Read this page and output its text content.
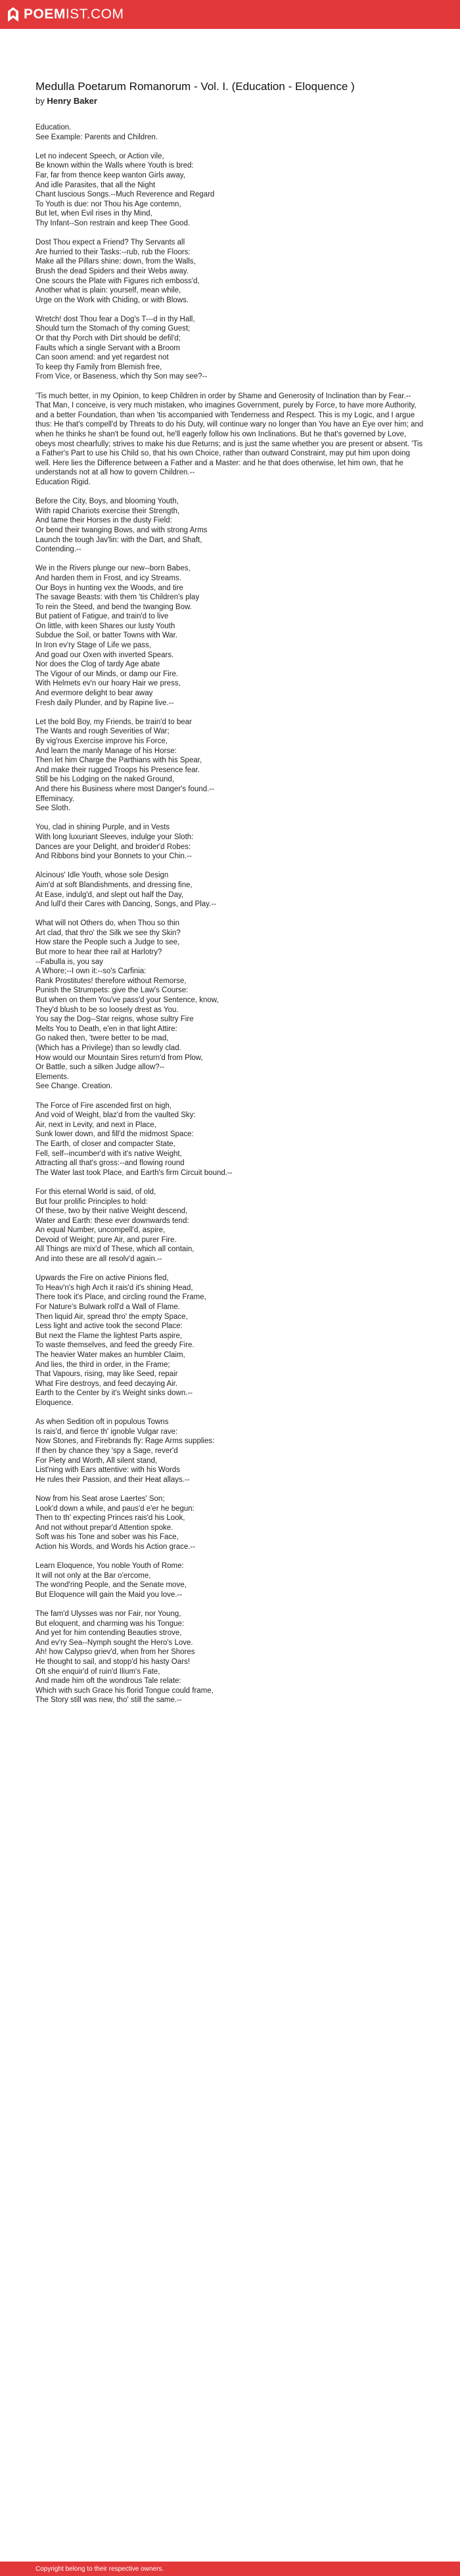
POEMIST.COM
Medulla Poetarum Romanorum - Vol. I. (Education - Eloquence )
by Henry Baker
Education.
See Example: Parents and Children.
Let no indecent Speech, or Action vile,
Be known within the Walls where Youth is bred:
Far, far from thence keep wanton Girls away,
And idle Parasites, that all the Night
Chant luscious Songs.--Much Reverence and Regard
To Youth is due: nor Thou his Age contemn,
But let, when Evil rises in thy Mind,
Thy Infant--Son restrain and keep Thee Good.
Dost Thou expect a Friend? Thy Servants all
Are hurried to their Tasks:--rub, rub the Floors:
Make all the Pillars shine: down, from the Walls,
Brush the dead Spiders and their Webs away.
One scours the Plate with Figures rich emboss'd,
Another what is plain: yourself, mean while,
Urge on the Work with Chiding, or with Blows.
Wretch! dost Thou fear a Dog's T---d in thy Hall,
Should turn the Stomach of thy coming Guest;
Or that thy Porch with Dirt should be defil'd;
Faults which a single Servant with a Broom
Can soon amend: and yet regardest not
To keep thy Family from Blemish free,
From Vice, or Baseness, which thy Son may see?--
'Tis much better, in my Opinion, to keep Children in order by Shame and Generosity of Inclination than by Fear.--That Man, I conceive, is very much mistaken, who imagines Government, purely by Force, to have more Authority, and a better Foundation, than when 'tis accompanied with Tenderness and Respect. This is my Logic, and I argue thus: He that's compell'd by Threats to do his Duty, will continue wary no longer than You have an Eye over him; and when he thinks he shan't be found out, he'll eagerly follow his own Inclinations. But he that's governed by Love, obeys most chearfully; strives to make his due Returns; and is just the same whether you are present or absent. 'Tis a Father's Part to use his Child so, that his own Choice, rather than outward Constraint, may put him upon doing well. Here lies the Difference between a Father and a Master: and he that does otherwise, let him own, that he understands not at all how to govern Children.--
Education Rigid.
Before the City, Boys, and blooming Youth,
With rapid Chariots exercise their Strength,
And tame their Horses in the dusty Field:
Or bend their twanging Bows, and with strong Arms
Launch the tough Jav'lin: with the Dart, and Shaft,
Contending.--
We in the Rivers plunge our new--born Babes,
And harden them in Frost, and icy Streams.
Our Boys in hunting vex the Woods, and tire
The savage Beasts: with them 'tis Children's play
To rein the Steed, and bend the twanging Bow.
But patient of Fatigue, and train'd to live
On little, with keen Shares our lusty Youth
Subdue the Soil, or batter Towns with War.
In Iron ev'ry Stage of Life we pass,
And goad our Oxen with inverted Spears.
Nor does the Clog of tardy Age abate
The Vigour of our Minds, or damp our Fire.
With Helmets ev'n our hoary Hair we press,
And evermore delight to bear away
Fresh daily Plunder, and by Rapine live.--
Let the bold Boy, my Friends, be train'd to bear
The Wants and rough Severities of War;
By vig'rous Exercise improve his Force,
And learn the manly Manage of his Horse:
Then let him Charge the Parthians with his Spear,
And make their rugged Troops his Presence fear.
Still be his Lodging on the naked Ground,
And there his Business where most Danger's found.--
Effeminacy.
See Sloth.
You, clad in shining Purple, and in Vests
With long luxuriant Sleeves, indulge your Sloth:
Dances are your Delight, and broider'd Robes:
And Ribbons bind your Bonnets to your Chin.--
Alcinous' Idle Youth, whose sole Design
Aim'd at soft Blandishments, and dressing fine,
At Ease, indulg'd, and slept out half the Day,
And lull'd their Cares with Dancing, Songs, and Play.--
What will not Others do, when Thou so thin
Art clad, that thro' the Silk we see thy Skin?
How stare the People such a Judge to see,
But more to hear thee rail at Harlotry?
--Fabulla is, you say
A Whore;--I own it:--so's Carfinia:
Rank Prostitutes! therefore without Remorse,
Punish the Strumpets: give the Law's Course:
But when on them You've pass'd your Sentence, know,
They'd blush to be so loosely drest as You.
You say the Dog--Star reigns, whose sultry Fire
Melts You to Death, e'en in that light Attire:
Go naked then, 'twere better to be mad,
(Which has a Privilege) than so lewdly clad.
How would our Mountain Sires return'd from Plow,
Or Battle, such a silken Judge allow?--
Elements.
See Change. Creation.
The Force of Fire ascended first on high,
And void of Weight, blaz'd from the vaulted Sky:
Air, next in Levity, and next in Place,
Sunk lower down, and fill'd the midmost Space:
The Earth, of closer and compacter State,
Fell, self--incumber'd with it's native Weight,
Attracting all that's gross:--and flowing round
The Water last took Place, and Earth's firm Circuit bound.--
For this eternal World is said, of old,
But four prolific Principles to hold:
Of these, two by their native Weight descend,
Water and Earth: these ever downwards tend:
An equal Number, uncompell'd, aspire,
Devoid of Weight; pure Air, and purer Fire.
All Things are mix'd of These, which all contain,
And into these are all resolv'd again.--
Upwards the Fire on active Pinions fled,
To Heav'n's high Arch it rais'd it's shining Head,
There took it's Place, and circling round the Frame,
For Nature's Bulwark roll'd a Wall of Flame.
Then liquid Air, spread thro' the empty Space,
Less light and active took the second Place:
But next the Flame the lightest Parts aspire,
To waste themselves, and feed the greedy Fire.
The heavier Water makes an humbler Claim,
And lies, the third in order, in the Frame;
That Vapours, rising, may like Seed, repair
What Fire destroys, and feed decaying Air.
Earth to the Center by it's Weight sinks down.--
Eloquence.
As when Sedition oft in populous Towns
Is rais'd, and fierce th' ignoble Vulgar rave:
Now Stones, and Firebrands fly: Rage Arms supplies:
If then by chance they 'spy a Sage, rever'd
For Piety and Worth, All silent stand,
List'ning with Ears attentive: with his Words
He rules their Passion, and their Heat allays.--
Now from his Seat arose Laertes' Son;
Look'd down a while, and paus'd e'er he begun:
Then to th' expecting Princes rais'd his Look,
And not without prepar'd Attention spoke.
Soft was his Tone and sober was his Face,
Action his Words, and Words his Action grace.--
Learn Eloquence, You noble Youth of Rome:
It will not only at the Bar o'ercome,
The wond'ring People, and the Senate move,
But Eloquence will gain the Maid you love.--
The fam'd Ulysses was nor Fair, nor Young,
But eloquent, and charming was his Tongue:
And yet for him contending Beauties strove,
And ev'ry Sea--Nymph sought the Hero's Love.
Ah! how Calypso griev'd, when from her Shores
He thought to sail, and stopp'd his hasty Oars!
Oft she enquir'd of ruin'd Ilium's Fate,
And made him oft the wondrous Tale relate:
Which with such Grace his florid Tongue could frame,
The Story still was new, tho' still the same.--
Copyright belong to their respective owners.
